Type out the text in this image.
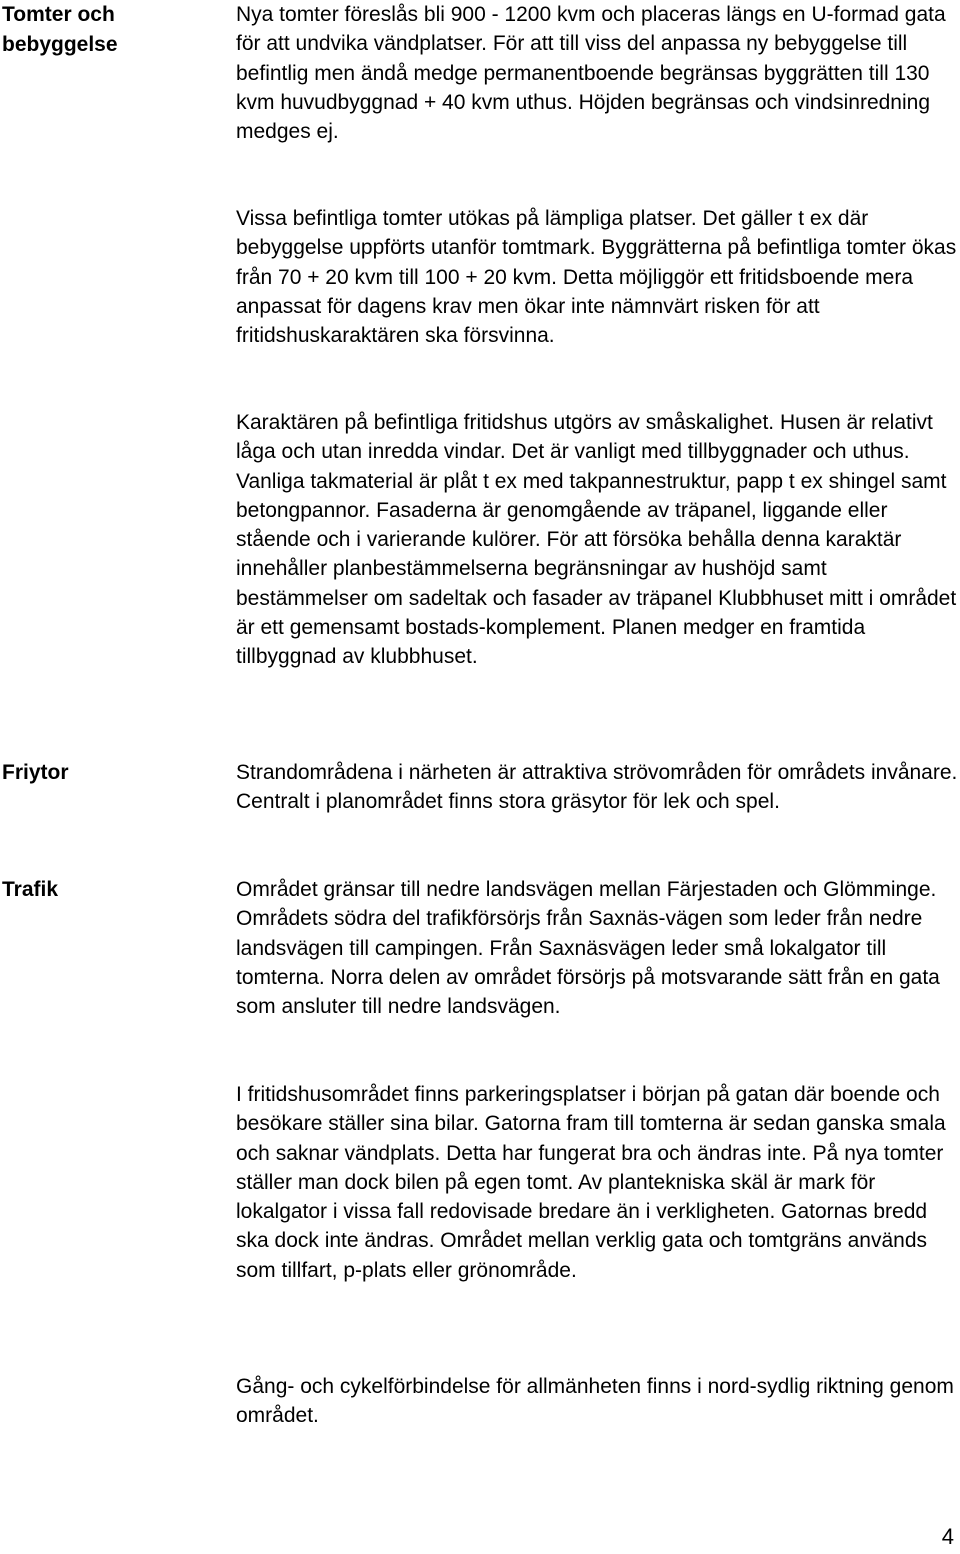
Tomter och
bebyggelse

Nya tomter föreslås bli 900 - 1200 kvm och placeras längs en U-formad gata för att undvika vändplatser. För att till viss del anpassa ny bebyggelse till befintlig men ändå medge permanentboende begränsas byggrätten till 130 kvm huvudbyggnad + 40 kvm uthus. Höjden begränsas och vindsinredning medges ej.

Vissa befintliga tomter utökas på lämpliga platser. Det gäller t ex där bebyggelse uppförts utanför tomtmark. Byggrätterna på befintliga tomter ökas från 70 + 20 kvm till 100 + 20 kvm. Detta möjliggör ett fritidsboende mera anpassat för dagens krav men ökar inte nämnvärt risken för att fritidshuskaraktären ska försvinna.

Karaktären på befintliga fritidshus utgörs av småskalighet. Husen är relativt låga och utan inredda vindar. Det är vanligt med tillbyggnader och uthus. Vanliga takmaterial är plåt t ex med takpannestruktur, papp t ex shingel samt betongpannor. Fasaderna är genomgående av träpanel, liggande eller stående och i varierande kulörer. För att försöka behålla denna karaktär innehåller planbestämmelserna begränsningar av hushöjd samt bestämmelser om sadeltak och fasader av träpanel Klubbhuset mitt i området är ett gemensamt bostads-komplement. Planen medger en framtida tillbyggnad av klubbhuset.

Friytor	Strandområdena i närheten är attraktiva strövområden för områdets invånare. Centralt i planområdet finns stora gräsytor för lek och spel.

Trafik	Området gränsar till nedre landsvägen mellan Färjestaden och Glömminge. Områdets södra del trafikförsörjs från Saxnäs-vägen som leder från nedre landsvägen till campingen. Från Saxnäsvägen leder små lokalgator till tomterna. Norra delen av området försörjs på motsvarande sätt från en gata som ansluter till nedre landsvägen.

I fritidshusområdet finns parkeringsplatser i början på gatan där boende och besökare ställer sina bilar. Gatorna fram till tomterna är sedan ganska smala och saknar vändplats. Detta har fungerat bra och ändras inte. På nya tomter ställer man dock bilen på egen tomt. Av plantekniska skäl är mark för lokalgator i vissa fall redovisade bredare än i verkligheten. Gatornas bredd ska dock inte ändras. Området mellan verklig gata och tomtgräns används som tillfart, p-plats eller grönområde.

Gång- och cykelförbindelse för allmänheten finns i nord-sydlig riktning genom området.

4
